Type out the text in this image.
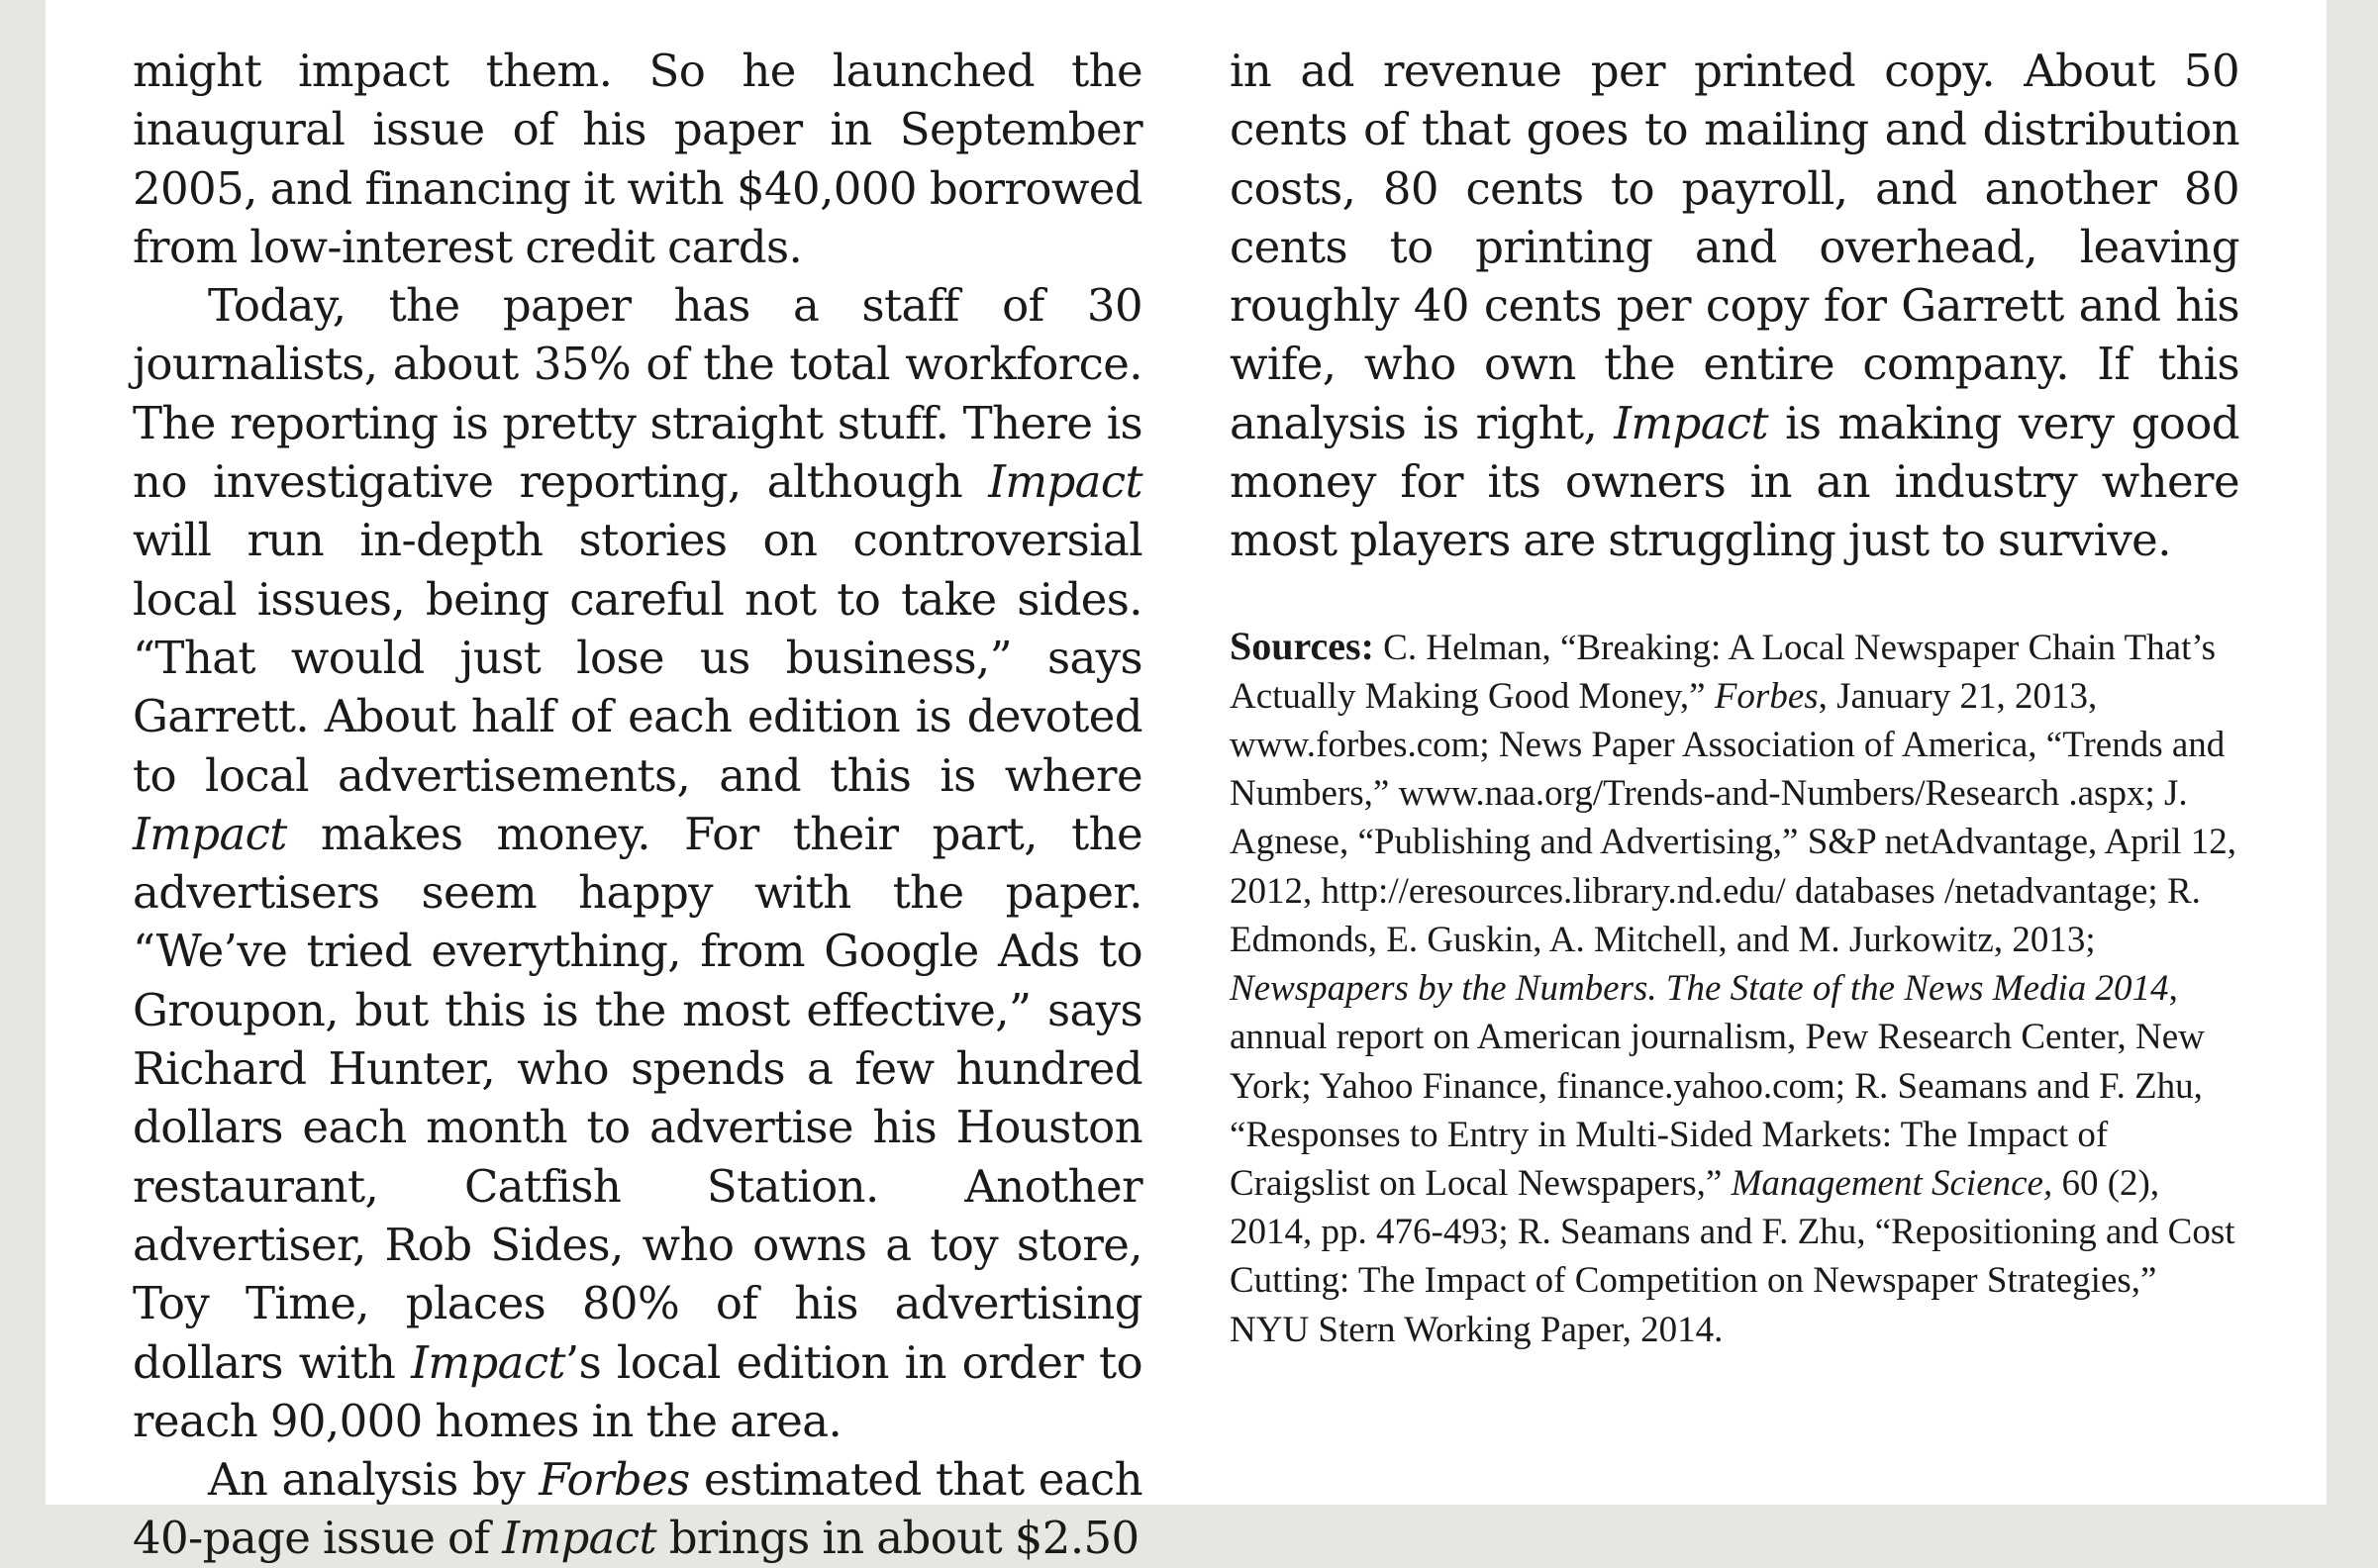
might impact them. So he launched the inaugural issue of his paper in September 2005, and financing it with $40,000 borrowed from low-interest credit cards.

Today, the paper has a staff of 30 journalists, about 35% of the total workforce. The reporting is pretty straight stuff. There is no investigative reporting, although Impact will run in-depth stories on controversial local issues, being careful not to take sides. “That would just lose us business,” says Garrett. About half of each edition is devoted to local advertisements, and this is where Impact makes money. For their part, the advertisers seem happy with the paper. “We’ve tried everything, from Google Ads to Groupon, but this is the most effective,” says Richard Hunter, who spends a few hundred dollars each month to advertise his Houston restaurant, Catfish Station. Another advertiser, Rob Sides, who owns a toy store, Toy Time, places 80% of his advertising dollars with Impact’s local edition in order to reach 90,000 homes in the area.

An analysis by Forbes estimated that each 40-page issue of Impact brings in about $2.50

in ad revenue per printed copy. About 50 cents of that goes to mailing and distribution costs, 80 cents to payroll, and another 80 cents to printing and overhead, leaving roughly 40 cents per copy for Garrett and his wife, who own the entire company. If this analysis is right, Impact is making very good money for its owners in an industry where most players are struggling just to survive.

Sources: C. Helman, “Breaking: A Local Newspaper Chain That’s Actually Making Good Money,” Forbes, January 21, 2013, www.forbes.com; News Paper Association of America, “Trends and Numbers,” www.naa.org/Trends-and-Numbers/Research .aspx; J. Agnese, “Publishing and Advertising,” S&P netAdvantage, April 12, 2012, http://eresources.library.nd.edu/ databases /netadvantage; R. Edmonds, E. Guskin, A. Mitchell, and M. Jurkowitz, 2013; Newspapers by the Numbers. The State of the News Media 2014, annual report on American journalism, Pew Research Center, New York; Yahoo Finance, finance.yahoo.com; R. Seamans and F. Zhu, “Responses to Entry in Multi-Sided Markets: The Impact of Craigslist on Local Newspapers,” Management Science, 60 (2), 2014, pp. 476-493; R. Seamans and F. Zhu, “Repositioning and Cost Cutting: The Impact of Competition on Newspaper Strategies,” NYU Stern Working Paper, 2014.
